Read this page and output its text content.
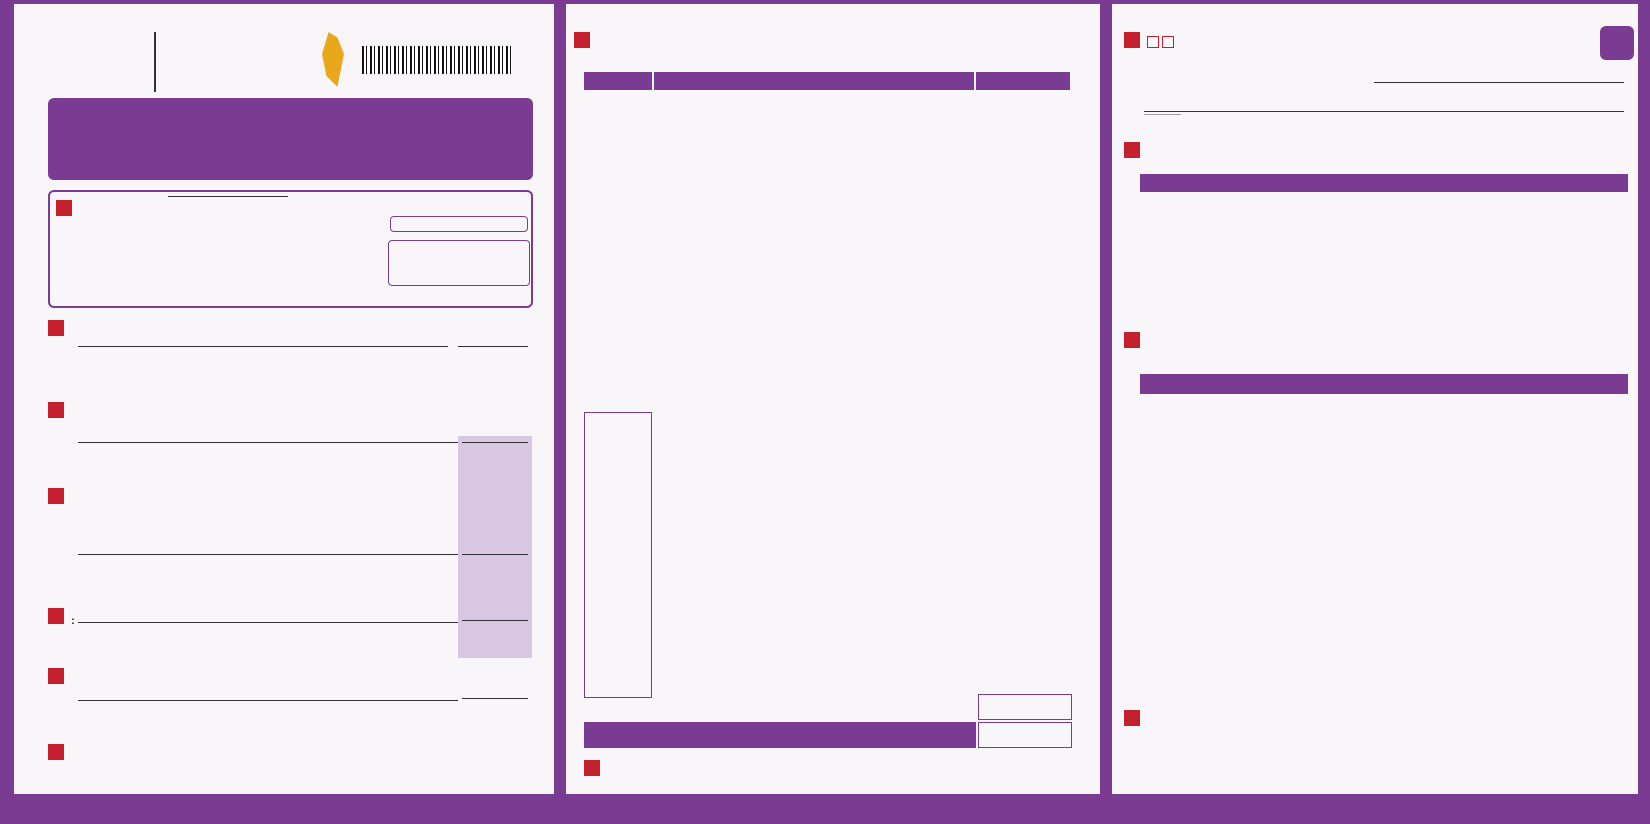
:

______
